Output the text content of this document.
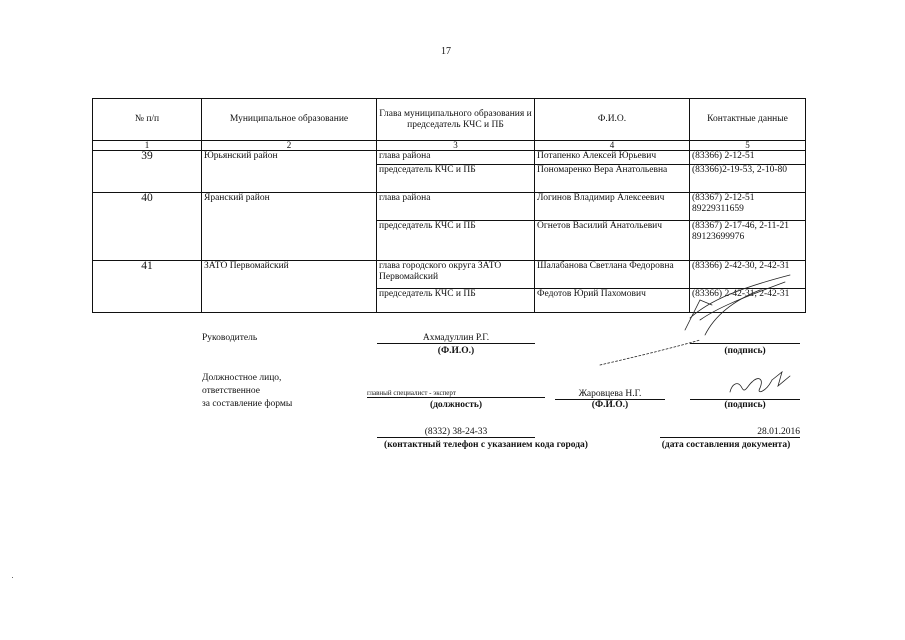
17
№ п/п	Муниципальное образование	Глава муниципального образования и председатель КЧС и ПБ	Ф.И.О.	Контактные данные
1	2	3	4	5
39	Юрьянский район	глава района	Потапенко Алексей Юрьевич	(83366) 2-12-51
		председатель КЧС и ПБ	Пономаренко Вера Анатольевна	(83366)2-19-53, 2-10-80
40	Яранский район	глава района	Логинов Владимир Алексеевич	(83367) 2-12-51 89229311659
		председатель КЧС и ПБ	Огнетов Василий Анатольевич	(83367) 2-17-46, 2-11-21 89123699976
41	ЗАТО Первомайский	глава городского округа ЗАТО Первомайский	Шалабанова Светлана Федоровна	(83366) 2-42-30, 2-42-31
		председатель КЧС и ПБ	Федотов Юрий Пахомович	(83366) 2-42-31, 2-42-31
Руководитель	Ахмадуллин Р.Г.
(Ф.И.О.)	(подпись)
Должностное лицо,
ответственное
за составление формы
главный специалист - эксперт
(должность)
Жаровцева Н.Г.
(Ф.И.О.)	(подпись)
(8332) 38-24-33
(контактный телефон с указанием кода города)
28.01.2016
(дата составления документа)
